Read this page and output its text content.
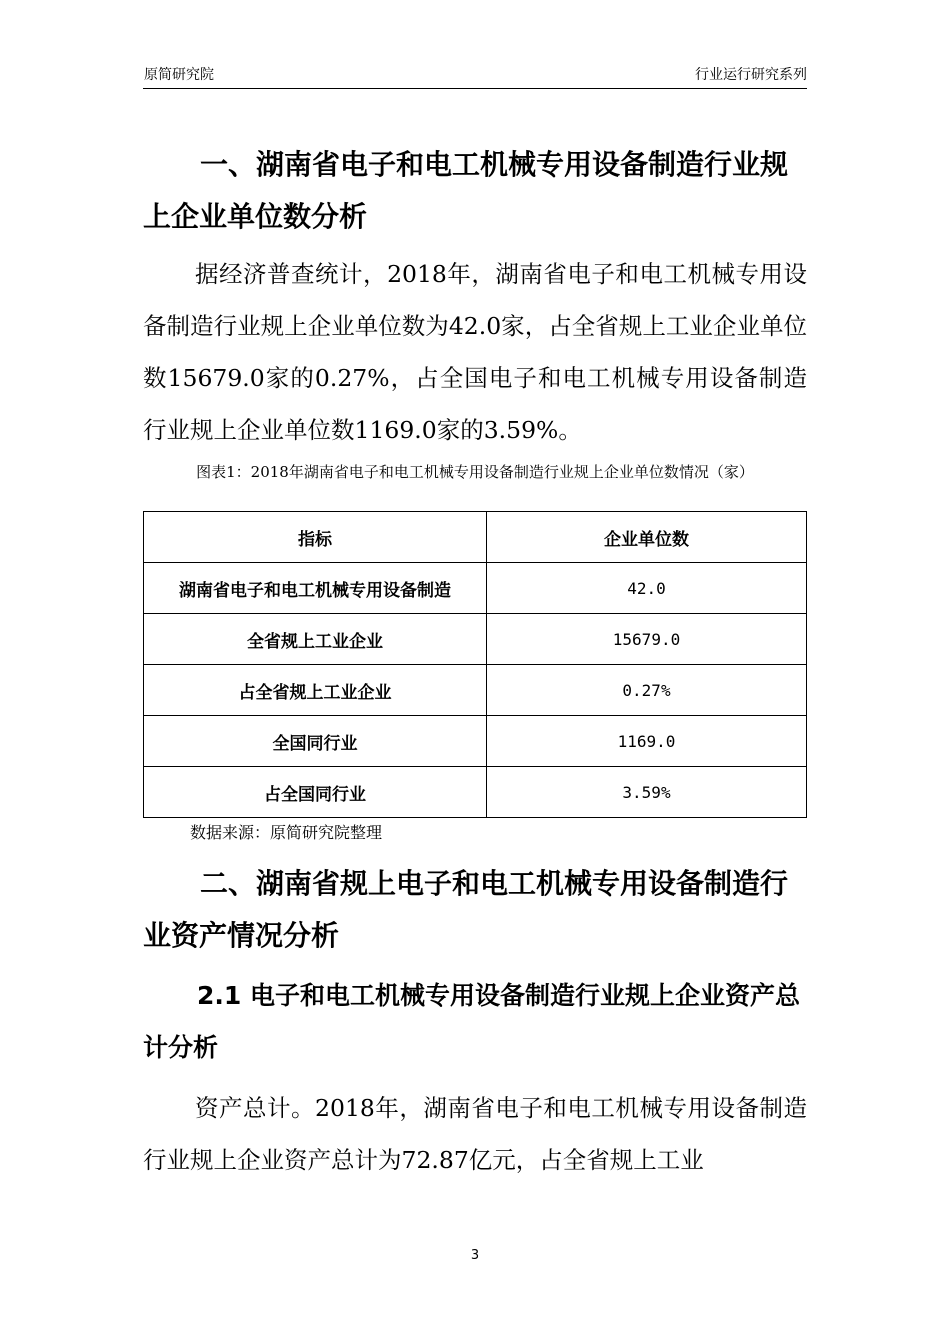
原简研究院	行业运行研究系列
一、湖南省电子和电工机械专用设备制造行业规上企业单位数分析
据经济普查统计，2018年，湖南省电子和电工机械专用设备制造行业规上企业单位数为42.0家，占全省规上工业企业单位数15679.0家的0.27%，占全国电子和电工机械专用设备制造行业规上企业单位数1169.0家的3.59%。
图表1：2018年湖南省电子和电工机械专用设备制造行业规上企业单位数情况（家）
指标	企业单位数
湖南省电子和电工机械专用设备制造	42.0
全省规上工业企业	15679.0
占全省规上工业企业	0.27%
全国同行业	1169.0
占全国同行业	3.59%
数据来源：原简研究院整理
二、湖南省规上电子和电工机械专用设备制造行业资产情况分析
2.1 电子和电工机械专用设备制造行业规上企业资产总计分析
资产总计。2018年，湖南省电子和电工机械专用设备制造行业规上企业资产总计为72.87亿元，占全省规上工业
3
